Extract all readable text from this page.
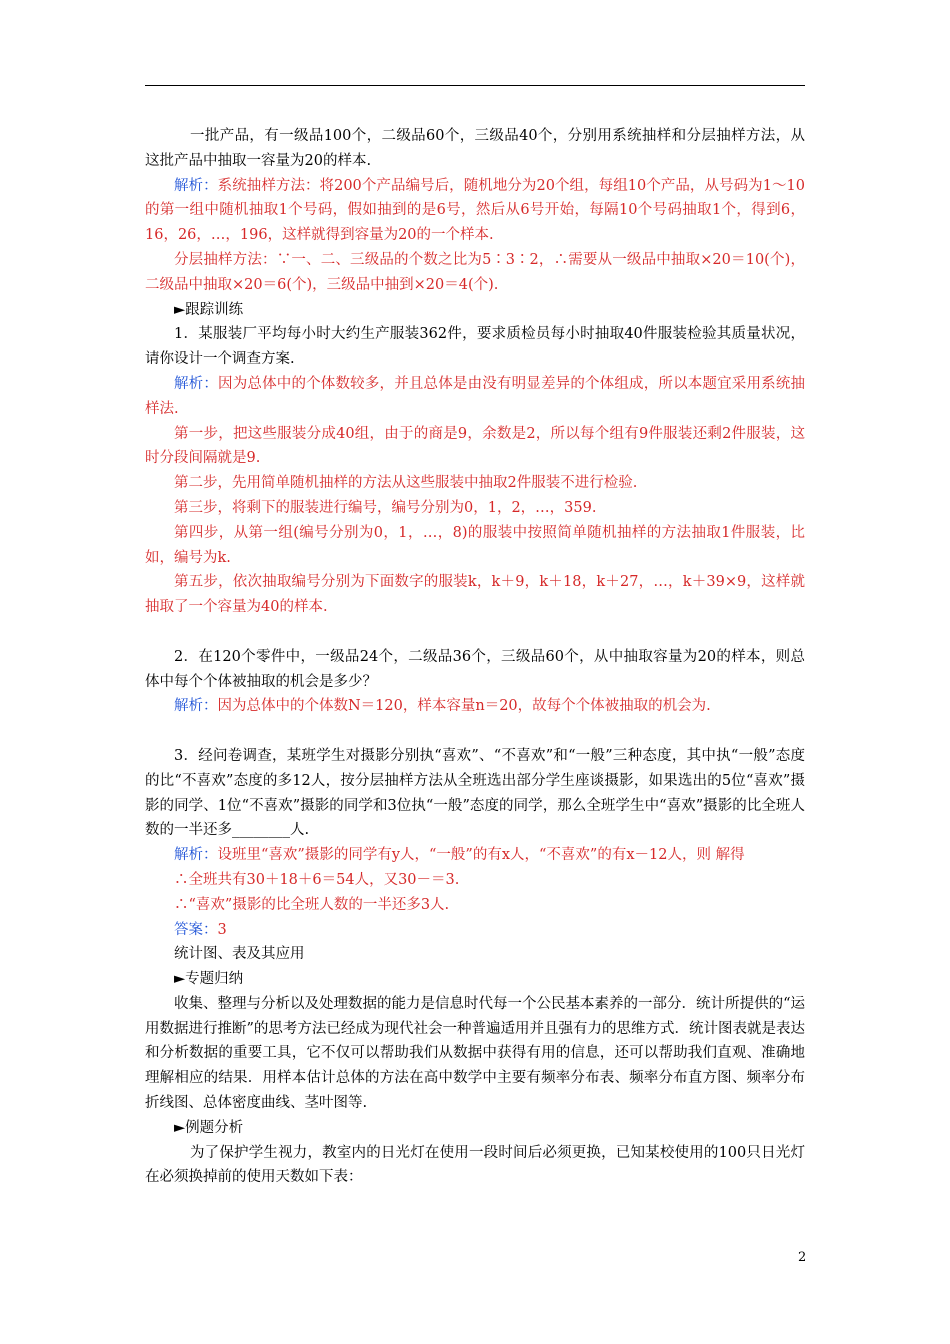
一批产品，有一级品100个，二级品60个，三级品40个，分别用系统抽样和分层抽样方法，从这批产品中抽取一容量为20的样本.

解析：系统抽样方法：将200个产品编号后，随机地分为20个组，每组10个产品，从号码为1～10的第一组中随机抽取1个号码，假如抽到的是6号，然后从6号开始，每隔10个号码抽取1个，得到6，16，26，…，196，这样就得到容量为20的一个样本.

分层抽样方法：∵一、二、三级品的个数之比为5∶3∶2，∴需要从一级品中抽取×20＝10(个)，二级品中抽取×20＝6(个)，三级品中抽到×20＝4(个).

►跟踪训练

1．某服装厂平均每小时大约生产服装362件，要求质检员每小时抽取40件服装检验其质量状况，请你设计一个调查方案.

解析：因为总体中的个体数较多，并且总体是由没有明显差异的个体组成，所以本题宜采用系统抽样法.

第一步，把这些服装分成40组，由于的商是9，余数是2，所以每个组有9件服装还剩2件服装，这时分段间隔就是9.

第二步，先用简单随机抽样的方法从这些服装中抽取2件服装不进行检验.

第三步，将剩下的服装进行编号，编号分别为0，1，2，…，359.

第四步，从第一组(编号分别为0，1，…，8)的服装中按照简单随机抽样的方法抽取1件服装，比如，编号为k.

第五步，依次抽取编号分别为下面数字的服装k，k＋9，k＋18，k＋27，…，k＋39×9，这样就抽取了一个容量为40的样本.

2．在120个零件中，一级品24个，二级品36个，三级品60个，从中抽取容量为20的样本，则总体中每个个体被抽取的机会是多少？

解析：因为总体中的个体数N＝120，样本容量n＝20，故每个个体被抽取的机会为.

3．经问卷调查，某班学生对摄影分别执“喜欢”、“不喜欢”和“一般”三种态度，其中执“一般”态度的比“不喜欢”态度的多12人，按分层抽样方法从全班选出部分学生座谈摄影，如果选出的5位“喜欢”摄影的同学、1位“不喜欢”摄影的同学和3位执“一般”态度的同学，那么全班学生中“喜欢”摄影的比全班人数的一半还多________人.

解析：设班里“喜欢”摄影的同学有y人，“一般”的有x人，“不喜欢”的有x－12人，则 解得

∴全班共有30＋18＋6＝54人，又30－＝3.

∴“喜欢”摄影的比全班人数的一半还多3人.

答案：3

统计图、表及其应用

►专题归纳

收集、整理与分析以及处理数据的能力是信息时代每一个公民基本素养的一部分．统计所提供的“运用数据进行推断”的思考方法已经成为现代社会一种普遍适用并且强有力的思维方式．统计图表就是表达和分析数据的重要工具，它不仅可以帮助我们从数据中获得有用的信息，还可以帮助我们直观、准确地理解相应的结果．用样本估计总体的方法在高中数学中主要有频率分布表、频率分布直方图、频率分布折线图、总体密度曲线、茎叶图等.

►例题分析

为了保护学生视力，教室内的日光灯在使用一段时间后必须更换，已知某校使用的100只日光灯在必须换掉前的使用天数如下表：

2
